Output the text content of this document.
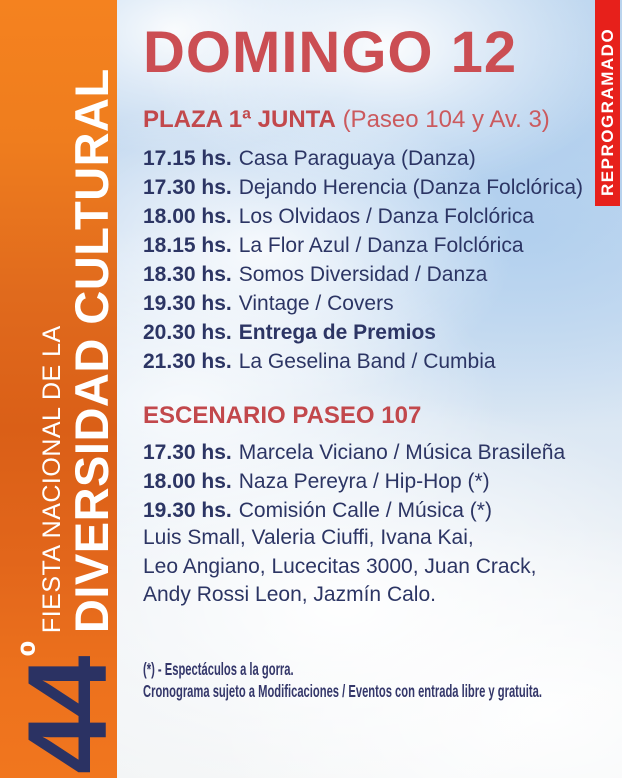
$44^º$
FIESTA NACIONAL DE LA DIVERSIDAD CULTURAL	REPROGRAMADO
DOMINGO 12
PLAZA 1ª JUNTA (Paseo 104 y Av. 3)
17.15 hs. Casa Paraguaya (Danza)
17.30 hs. Dejando Herencia (Danza Folclórica)
18.00 hs. Los Olvidaos / Danza Folclórica
18.15 hs. La Flor Azul / Danza Folclórica
18.30 hs. Somos Diversidad / Danza
19.30 hs. Vintage / Covers
20.30 hs. Entrega de Premios
21.30 hs. La Geselina Band / Cumbia
ESCENARIO PASEO 107
17.30 hs. Marcela Viciano / Música Brasileña
18.00 hs. Naza Pereyra / Hip-Hop (*)
19.30 hs. Comisión Calle / Música (*)
Luis Small, Valeria Ciuffi, Ivana Kai,
Leo Angiano, Lucecitas 3000, Juan Crack,
Andy Rossi Leon, Jazmín Calo.
(*) - Espectáculos a la gorra.
Cronograma sujeto a Modificaciones / Eventos con entrada libre y gratuita.
